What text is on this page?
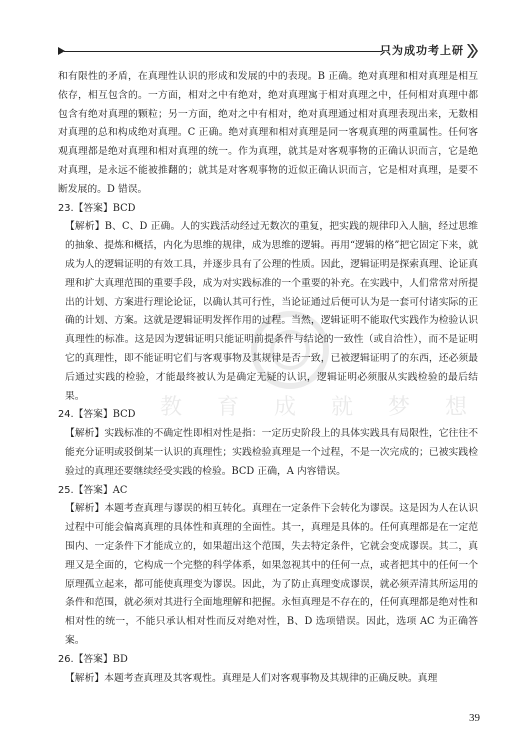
只为成功考上研
教 育 成 就 梦 想

和有限性的矛盾，在真理性认识的形成和发展的中的表现。B 正确。绝对真理和相对真理是相互依存，相互包含的。一方面，相对之中有绝对，绝对真理寓于相对真理之中，任何相对真理中都包含有绝对真理的颗粒；另一方面，绝对之中有相对，绝对真理通过相对真理表现出来，无数相对真理的总和构成绝对真理。C 正确。绝对真理和相对真理是同一客观真理的两重属性。任何客观真理都是绝对真理和相对真理的统一。作为真理，就其是对客观事物的正确认识而言，它是绝对真理，是永远不能被推翻的；就其是对客观事物的近似正确认识而言，它是相对真理，是要不断发展的。D 错误。

23.【答案】BCD

【解析】B、C、D 正确。人的实践活动经过无数次的重复，把实践的规律印入人脑，经过思维的抽象、提炼和概括，内化为思维的规律，成为思维的逻辑。再用“逻辑的格”把它固定下来，就成为人的逻辑证明的有效工具，并逐步具有了公理的性质。因此，逻辑证明是探索真理、论证真理和扩大真理范围的重要手段，成为对实践标准的一个重要的补充。在实践中，人们常常对所提出的计划、方案进行理论论证，以确认其可行性，当论证通过后便可认为是一套可付诸实际的正确的计划、方案。这就是逻辑证明发挥作用的过程。当然，逻辑证明不能取代实践作为检验认识真理性的标准。这是因为逻辑证明只能证明前提条件与结论的一致性（或自洽性），而不是证明它的真理性，即不能证明它们与客观事物及其规律是否一致，已被逻辑证明了的东西，还必须最后通过实践的检验，才能最终被认为是确定无疑的认识，逻辑证明必须服从实践检验的最后结果。

24.【答案】BCD

【解析】实践标准的不确定性即相对性是指：一定历史阶段上的具体实践具有局限性，它往往不能充分证明或驳倒某一认识的真理性；实践检验真理是一个过程，不是一次完成的；已被实践检验过的真理还要继续经受实践的检验。BCD 正确，A 内容错误。

25.【答案】AC

【解析】本题考查真理与谬误的相互转化。真理在一定条件下会转化为谬误。这是因为人在认识过程中可能会偏离真理的具体性和真理的全面性。其一，真理是具体的。任何真理都是在一定范围内、一定条件下才能成立的，如果超出这个范围，失去特定条件，它就会变成谬误。其二，真理又是全面的，它构成一个完整的科学体系，如果忽视其中的任何一点，或者把其中的任何一个原理孤立起来，都可能使真理变为谬误。因此，为了防止真理变成谬误，就必须弄清其所运用的条件和范围，就必须对其进行全面地理解和把握。永恒真理是不存在的，任何真理都是绝对性和相对性的统一，不能只承认相对性而反对绝对性，B、D 选项错误。因此，选项 AC 为正确答案。

26.【答案】BD

【解析】本题考查真理及其客观性。真理是人们对客观事物及其规律的正确反映。真理

39
